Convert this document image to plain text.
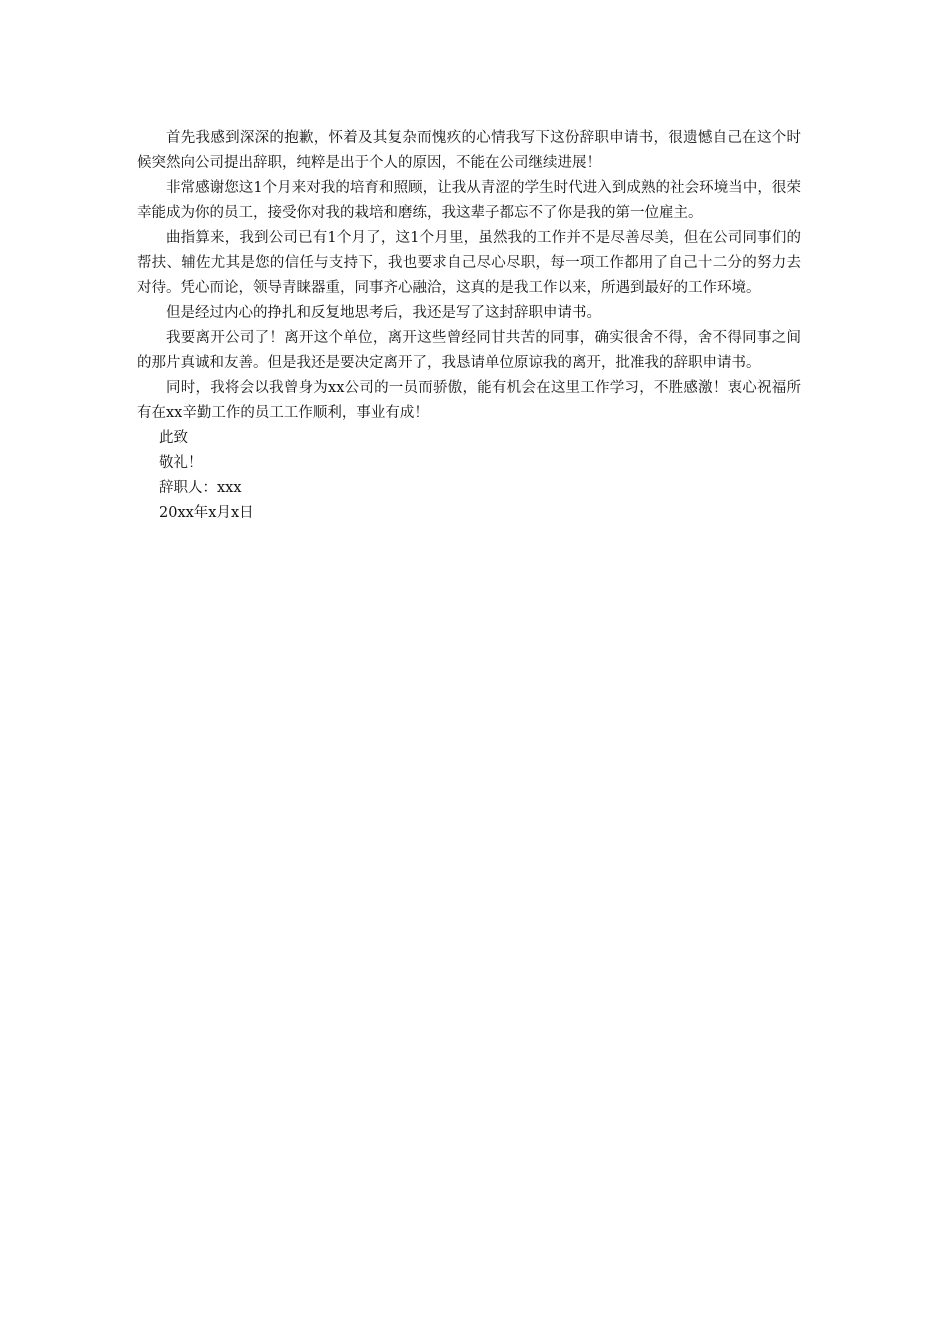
首先我感到深深的抱歉，怀着及其复杂而愧疚的心情我写下这份辞职申请书，很遗憾自己在这个时候突然向公司提出辞职，纯粹是出于个人的原因，不能在公司继续进展！

非常感谢您这1个月来对我的培育和照顾，让我从青涩的学生时代进入到成熟的社会环境当中，很荣幸能成为你的员工，接受你对我的栽培和磨练，我这辈子都忘不了你是我的第一位雇主。

曲指算来，我到公司已有1个月了，这1个月里，虽然我的工作并不是尽善尽美，但在公司同事们的帮扶、辅佐尤其是您的信任与支持下，我也要求自己尽心尽职，每一项工作都用了自己十二分的努力去对待。凭心而论，领导青睐器重，同事齐心融洽，这真的是我工作以来，所遇到最好的工作环境。

但是经过内心的挣扎和反复地思考后，我还是写了这封辞职申请书。

我要离开公司了！离开这个单位，离开这些曾经同甘共苦的同事，确实很舍不得，舍不得同事之间的那片真诚和友善。但是我还是要决定离开了，我恳请单位原谅我的离开，批准我的辞职申请书。

同时，我将会以我曾身为xx公司的一员而骄傲，能有机会在这里工作学习，不胜感激！衷心祝福所有在xx辛勤工作的员工工作顺利，事业有成！

此致

敬礼！

辞职人：xxx

20xx年x月x日
